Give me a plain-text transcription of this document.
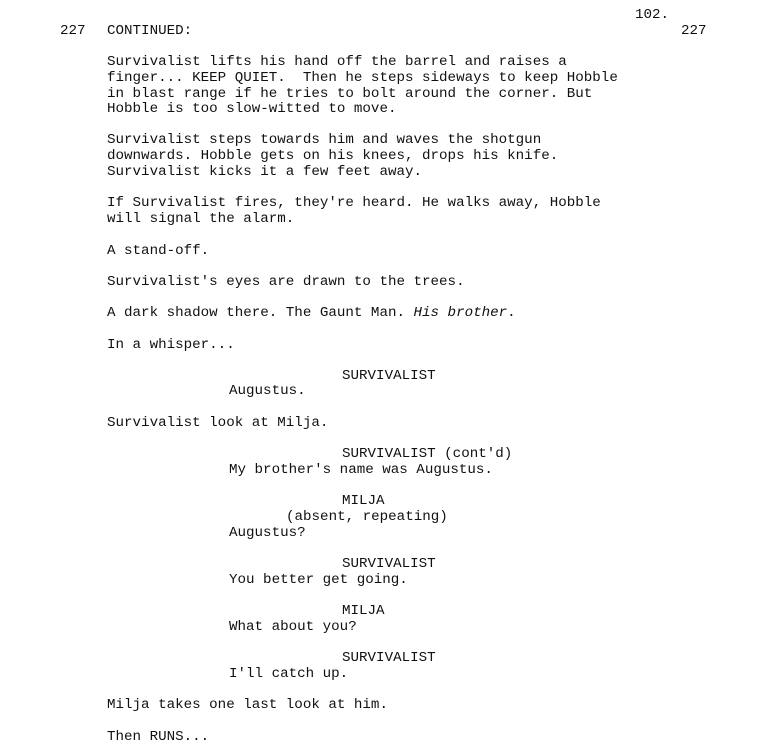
102.
227 CONTINUED:	227
Survivalist lifts his hand off the barrel and raises a
finger... KEEP QUIET.  Then he steps sideways to keep Hobble
in blast range if he tries to bolt around the corner. But
Hobble is too slow-witted to move.
Survivalist steps towards him and waves the shotgun
downwards. Hobble gets on his knees, drops his knife.
Survivalist kicks it a few feet away.
If Survivalist fires, they're heard. He walks away, Hobble
will signal the alarm.
A stand-off.
Survivalist's eyes are drawn to the trees.
A dark shadow there. The Gaunt Man. His brother.
In a whisper...
SURVIVALIST
Augustus.
Survivalist look at Milja.
SURVIVALIST (cont'd)
My brother's name was Augustus.
MILJA
(absent, repeating)
Augustus?
SURVIVALIST
You better get going.
MILJA
What about you?
SURVIVALIST
I'll catch up.
Milja takes one last look at him.
Then RUNS...
